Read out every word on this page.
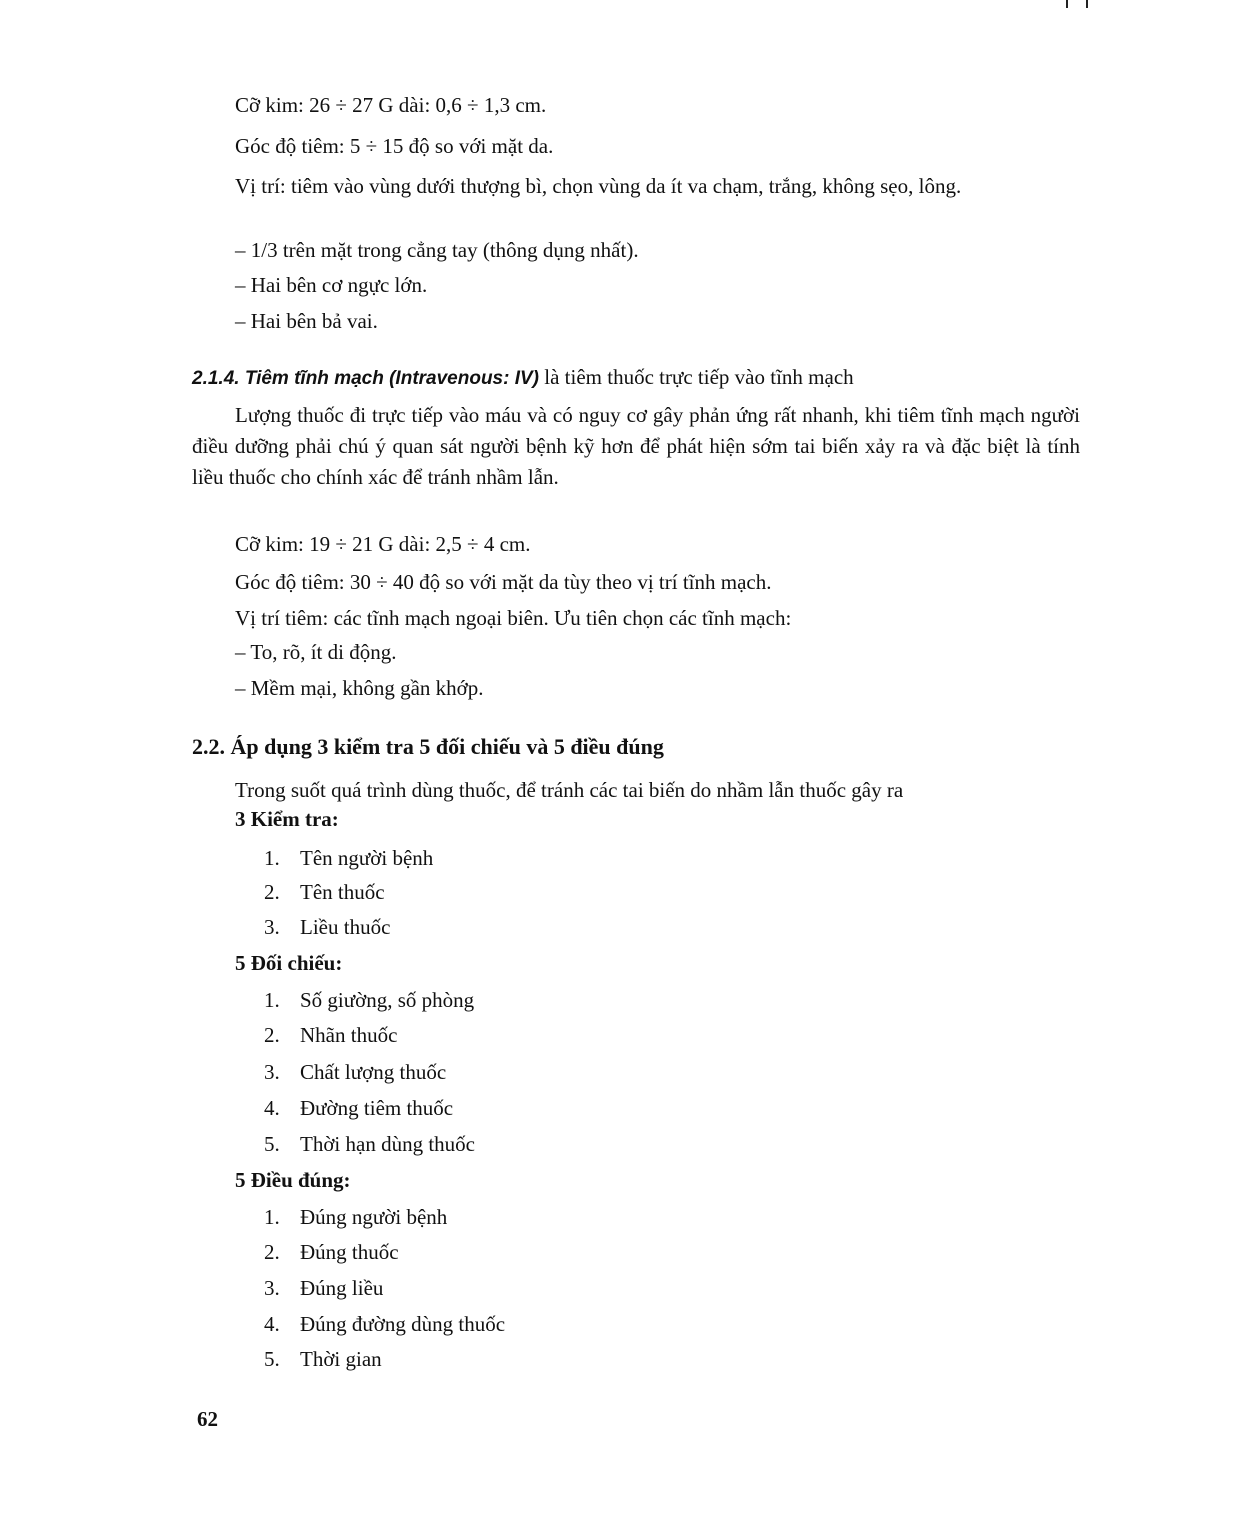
Cỡ kim: 26 ÷ 27 G dài: 0,6 ÷ 1,3 cm.
Góc độ tiêm: 5 ÷ 15 độ so với mặt da.
Vị trí: tiêm vào vùng dưới thượng bì, chọn vùng da ít va chạm, trắng, không sẹo, lông.
– 1/3 trên mặt trong cẳng tay (thông dụng nhất).
– Hai bên cơ ngực lớn.
– Hai bên bả vai.
2.1.4. Tiêm tĩnh mạch (Intravenous: IV) là tiêm thuốc trực tiếp vào tĩnh mạch
Lượng thuốc đi trực tiếp vào máu và có nguy cơ gây phản ứng rất nhanh, khi tiêm tĩnh mạch người điều dưỡng phải chú ý quan sát người bệnh kỹ hơn để phát hiện sớm tai biến xảy ra và đặc biệt là tính liều thuốc cho chính xác để tránh nhầm lẫn.
Cỡ kim: 19 ÷ 21 G dài: 2,5 ÷ 4 cm.
Góc độ tiêm: 30 ÷ 40 độ so với mặt da tùy theo vị trí tĩnh mạch.
Vị trí tiêm: các tĩnh mạch ngoại biên. Ưu tiên chọn các tĩnh mạch:
– To, rõ, ít di động.
– Mềm mại, không gần khớp.
2.2. Áp dụng 3 kiểm tra 5 đối chiếu và 5 điều đúng
Trong suốt quá trình dùng thuốc, để tránh các tai biến do nhầm lẫn thuốc gây ra
3 Kiểm tra:
1. Tên người bệnh
2. Tên thuốc
3. Liều thuốc
5 Đối chiếu:
1. Số giường, số phòng
2. Nhãn thuốc
3. Chất lượng thuốc
4. Đường tiêm thuốc
5. Thời hạn dùng thuốc
5 Điều đúng:
1. Đúng người bệnh
2. Đúng thuốc
3. Đúng liều
4. Đúng đường dùng thuốc
5. Thời gian
62
